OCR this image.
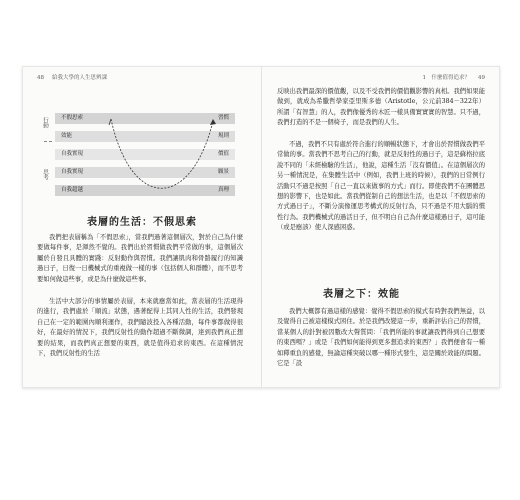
48 給我大學的人生思辨課
行動
思考
不假思索	習慣
效能	規則
自我實現	價值
自我實現	願景
自我超越	真理
表層的生活：不假思索
我們把表層稱為「不假思索」，當我們過著這個層次，對於自己為什麼要做每件事，是渾然不覺的。我們出於習慣做我們平常做的事，這個層次屬於自發且具體的實踐：反射動作與習慣。我們讓肌肉和骨骼履行的知識過日子，日復一日機械式的重複做一樣的事（包括個人和群體），而不思考要如何做這些事，或是為什麼做這些事。
生活中大部分的事情屬於表層，本來就應當如此，當表層的生活現得的進行，我們處於「順流」狀態，遇著配得上其同人性的生活，我們發現自己在一定的範圍內順利運作，我們隨波投入各種活動，每件事都做得很好，在最好的情況下，我們反射性的動作超過不斷微調，達到我們真正想要的結果，而我們真正想要的東西，就是值得追求的東西。在這種情況下，我們反射性的生活
1　什麼值得追求？ 49
反映出我們最深的價值觀，以及不受我們的價值觀影響的真相。我們如果能做到，就成為希臘哲學家亞里斯多德（Aristotle，公元前384－322年）所謂「有智慧」的人，我們像優秀的木匠一樣具備實實實的智慧。只不過，我們打造的不是一個椅子，而是我們的人生。
不過，我們不只有處於符合進行的順暢狀態下，才會出於習慣做我們平常做的事。當我們不思考自己的行動，就是反射性的過日子，這是蘇格拉底說不同的「未經檢驗的生活」，他說，這種生活「沒有價值」。在這個層次的另一種情況是，在集體生活中（例如，我們上班的時候），我們的日常例行活動只不過是按照「自己一直以來做事的方式」而行。即使我們不在團體思想的影響下，也是如此。當我們從制自己的想法生活，也是以「不假思索的方式過日子」，不斷分演像運思考構式的反射行為，只不過是不用大腦的慣性行為。我們機械式的過活日子，但不明白自己為什麼這樣過日子，這可能（或是應該）使人深感困惑。
表層之下：效能
我們大概都有過這樣的感覺：覺得不假思索的模式有時對我們無益，以及覺得自己被這樣模式困住。於是我們改變這一步，重新評估自己的習慣，當某個人的針對被因數改大聲質問：「我們所能的事就讓我們得到自己想要的東西嗎？」或是「我們如何能得到更多想追求的東西？」我們便會有一種如釋重負的感覺，無論這種突破以哪一種形式發生，這是關於效能的問題。它是「設
